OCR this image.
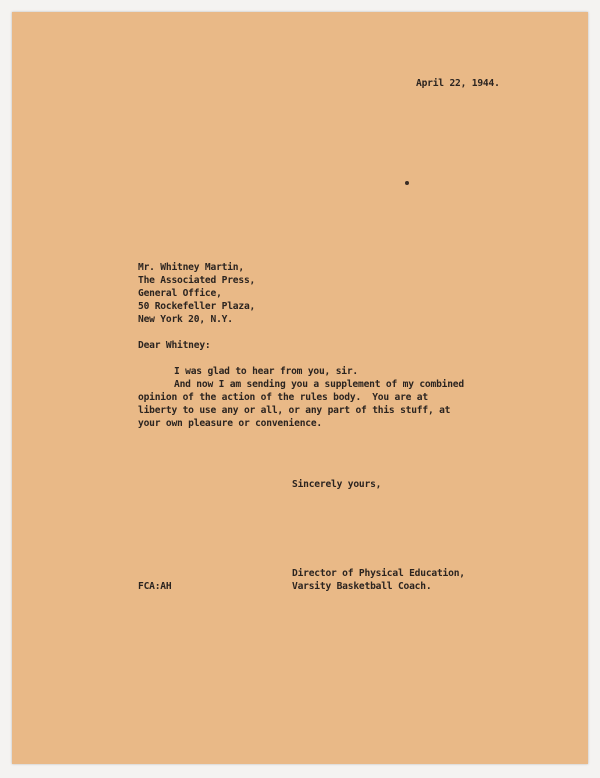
April 22, 1944.
Mr. Whitney Martin,
The Associated Press,
General Office,
50 Rockefeller Plaza,
New York 20, N.Y.
Dear Whitney:
I was glad to hear from you, sir.
And now I am sending you a supplement of my combined
opinion of the action of the rules body.  You are at
liberty to use any or all, or any part of this stuff, at
your own pleasure or convenience.
Sincerely yours,
Director of Physical Education,
Varsity Basketball Coach.
FCA:AH
